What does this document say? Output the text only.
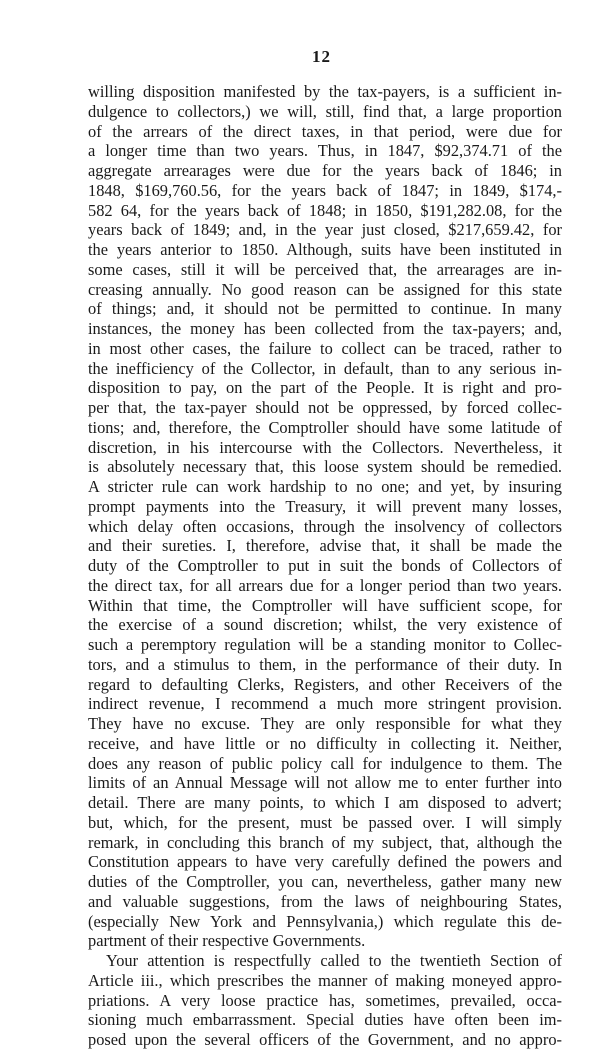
12
willing disposition manifested by the tax-payers, is a sufficient in-
dulgence to collectors,) we will, still, find that, a large proportion
of the arrears of the direct taxes, in that period, were due for
a longer time than two years. Thus, in 1847, $92,374.71 of the
aggregate arrearages were due for the years back of 1846; in
1848, $169,760.56, for the years back of 1847; in 1849, $174,-
582 64, for the years back of 1848; in 1850, $191,282.08, for the
years back of 1849; and, in the year just closed, $217,659.42, for
the years anterior to 1850. Although, suits have been instituted in
some cases, still it will be perceived that, the arrearages are in-
creasing annually. No good reason can be assigned for this state
of things; and, it should not be permitted to continue. In many
instances, the money has been collected from the tax-payers; and,
in most other cases, the failure to collect can be traced, rather to
the inefficiency of the Collector, in default, than to any serious in-
disposition to pay, on the part of the People. It is right and pro-
per that, the tax-payer should not be oppressed, by forced collec-
tions; and, therefore, the Comptroller should have some latitude of
discretion, in his intercourse with the Collectors. Nevertheless, it
is absolutely necessary that, this loose system should be remedied.
A stricter rule can work hardship to no one; and yet, by insuring
prompt payments into the Treasury, it will prevent many losses,
which delay often occasions, through the insolvency of collectors
and their sureties. I, therefore, advise that, it shall be made the
duty of the Comptroller to put in suit the bonds of Collectors of
the direct tax, for all arrears due for a longer period than two years.
Within that time, the Comptroller will have sufficient scope, for
the exercise of a sound discretion; whilst, the very existence of
such a peremptory regulation will be a standing monitor to Collec-
tors, and a stimulus to them, in the performance of their duty. In
regard to defaulting Clerks, Registers, and other Receivers of the
indirect revenue, I recommend a much more stringent provision.
They have no excuse. They are only responsible for what they
receive, and have little or no difficulty in collecting it. Neither,
does any reason of public policy call for indulgence to them. The
limits of an Annual Message will not allow me to enter further into
detail. There are many points, to which I am disposed to advert;
but, which, for the present, must be passed over. I will simply
remark, in concluding this branch of my subject, that, although the
Constitution appears to have very carefully defined the powers and
duties of the Comptroller, you can, nevertheless, gather many new
and valuable suggestions, from the laws of neighbouring States,
(especially New York and Pennsylvania,) which regulate this de-
partment of their respective Governments.
Your attention is respectfully called to the twentieth Section of
Article iii., which prescribes the manner of making moneyed appro-
priations. A very loose practice has, sometimes, prevailed, occa-
sioning much embarrassment. Special duties have often been im-
posed upon the several officers of the Government, and no appro-
